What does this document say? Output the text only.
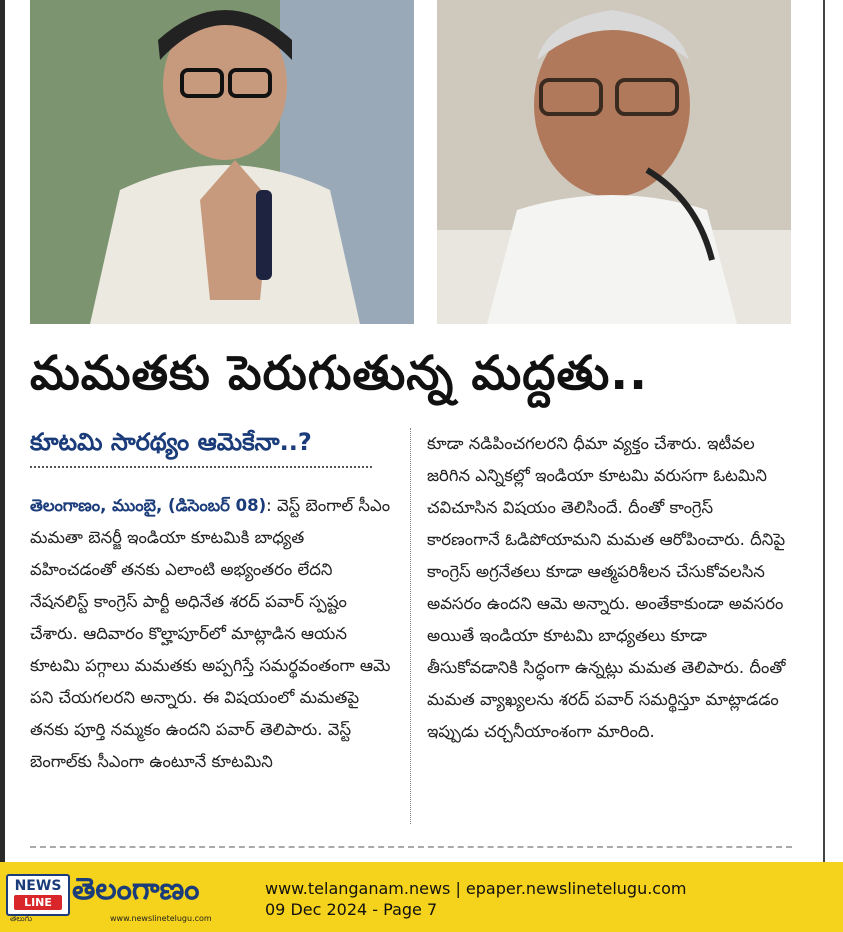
మమతకు పెరుగుతున్న మద్దతు..
కూటమి సారథ్యం ఆమెకేనా..?

తెలంగాణం, ముంబై, (డిసెంబర్ 08): వెస్ట్ బెంగాల్ సీఎం మమతా బెనర్జీ ఇండియా కూటమికి బాధ్యత వహించడంతో తనకు ఎలాంటి అభ్యంతరం లేదని నేషనలిస్ట్ కాంగ్రెస్ పార్టీ అధినేత శరద్ పవార్ స్పష్టం చేశారు. ఆదివారం కొల్హాపూర్‌లో మాట్లాడిన ఆయన కూటమి పగ్గాలు మమతకు అప్పగిస్తే సమర్థవంతంగా ఆమె పని చేయగలరని అన్నారు. ఈ విషయంలో మమతపై తనకు పూర్తి నమ్మకం ఉందని పవార్ తెలిపారు. వెస్ట్ బెంగాల్‌కు సీఎంగా ఉంటూనే కూటమిని

కూడా నడిపించగలరని ధీమా వ్యక్తం చేశారు. ఇటీవల జరిగిన ఎన్నికల్లో ఇండియా కూటమి వరుసగా ఓటమిని చవిచూసిన విషయం తెలిసిందే. దీంతో కాంగ్రెస్ కారణంగానే ఓడిపోయామని మమత ఆరోపించారు. దీనిపై కాంగ్రెస్ అగ్రనేతలు కూడా ఆత్మపరిశీలన చేసుకోవలసిన అవసరం ఉందని ఆమె అన్నారు. అంతేకాకుండా అవసరం అయితే ఇండియా కూటమి బాధ్యతలు కూడా తీసుకోవడానికి సిద్ధంగా ఉన్నట్లు మమత తెలిపారు. దీంతో మమత వ్యాఖ్యలను శరద్ పవార్ సమర్థిస్తూ మాట్లాడడం ఇప్పుడు చర్చనీయాంశంగా మారింది.

NEWS
LINE
తెలుగు
తెలంగాణం
www.newslinetelugu.com
www.telanganam.news | epaper.newslinetelugu.com
09 Dec 2024 - Page 7
